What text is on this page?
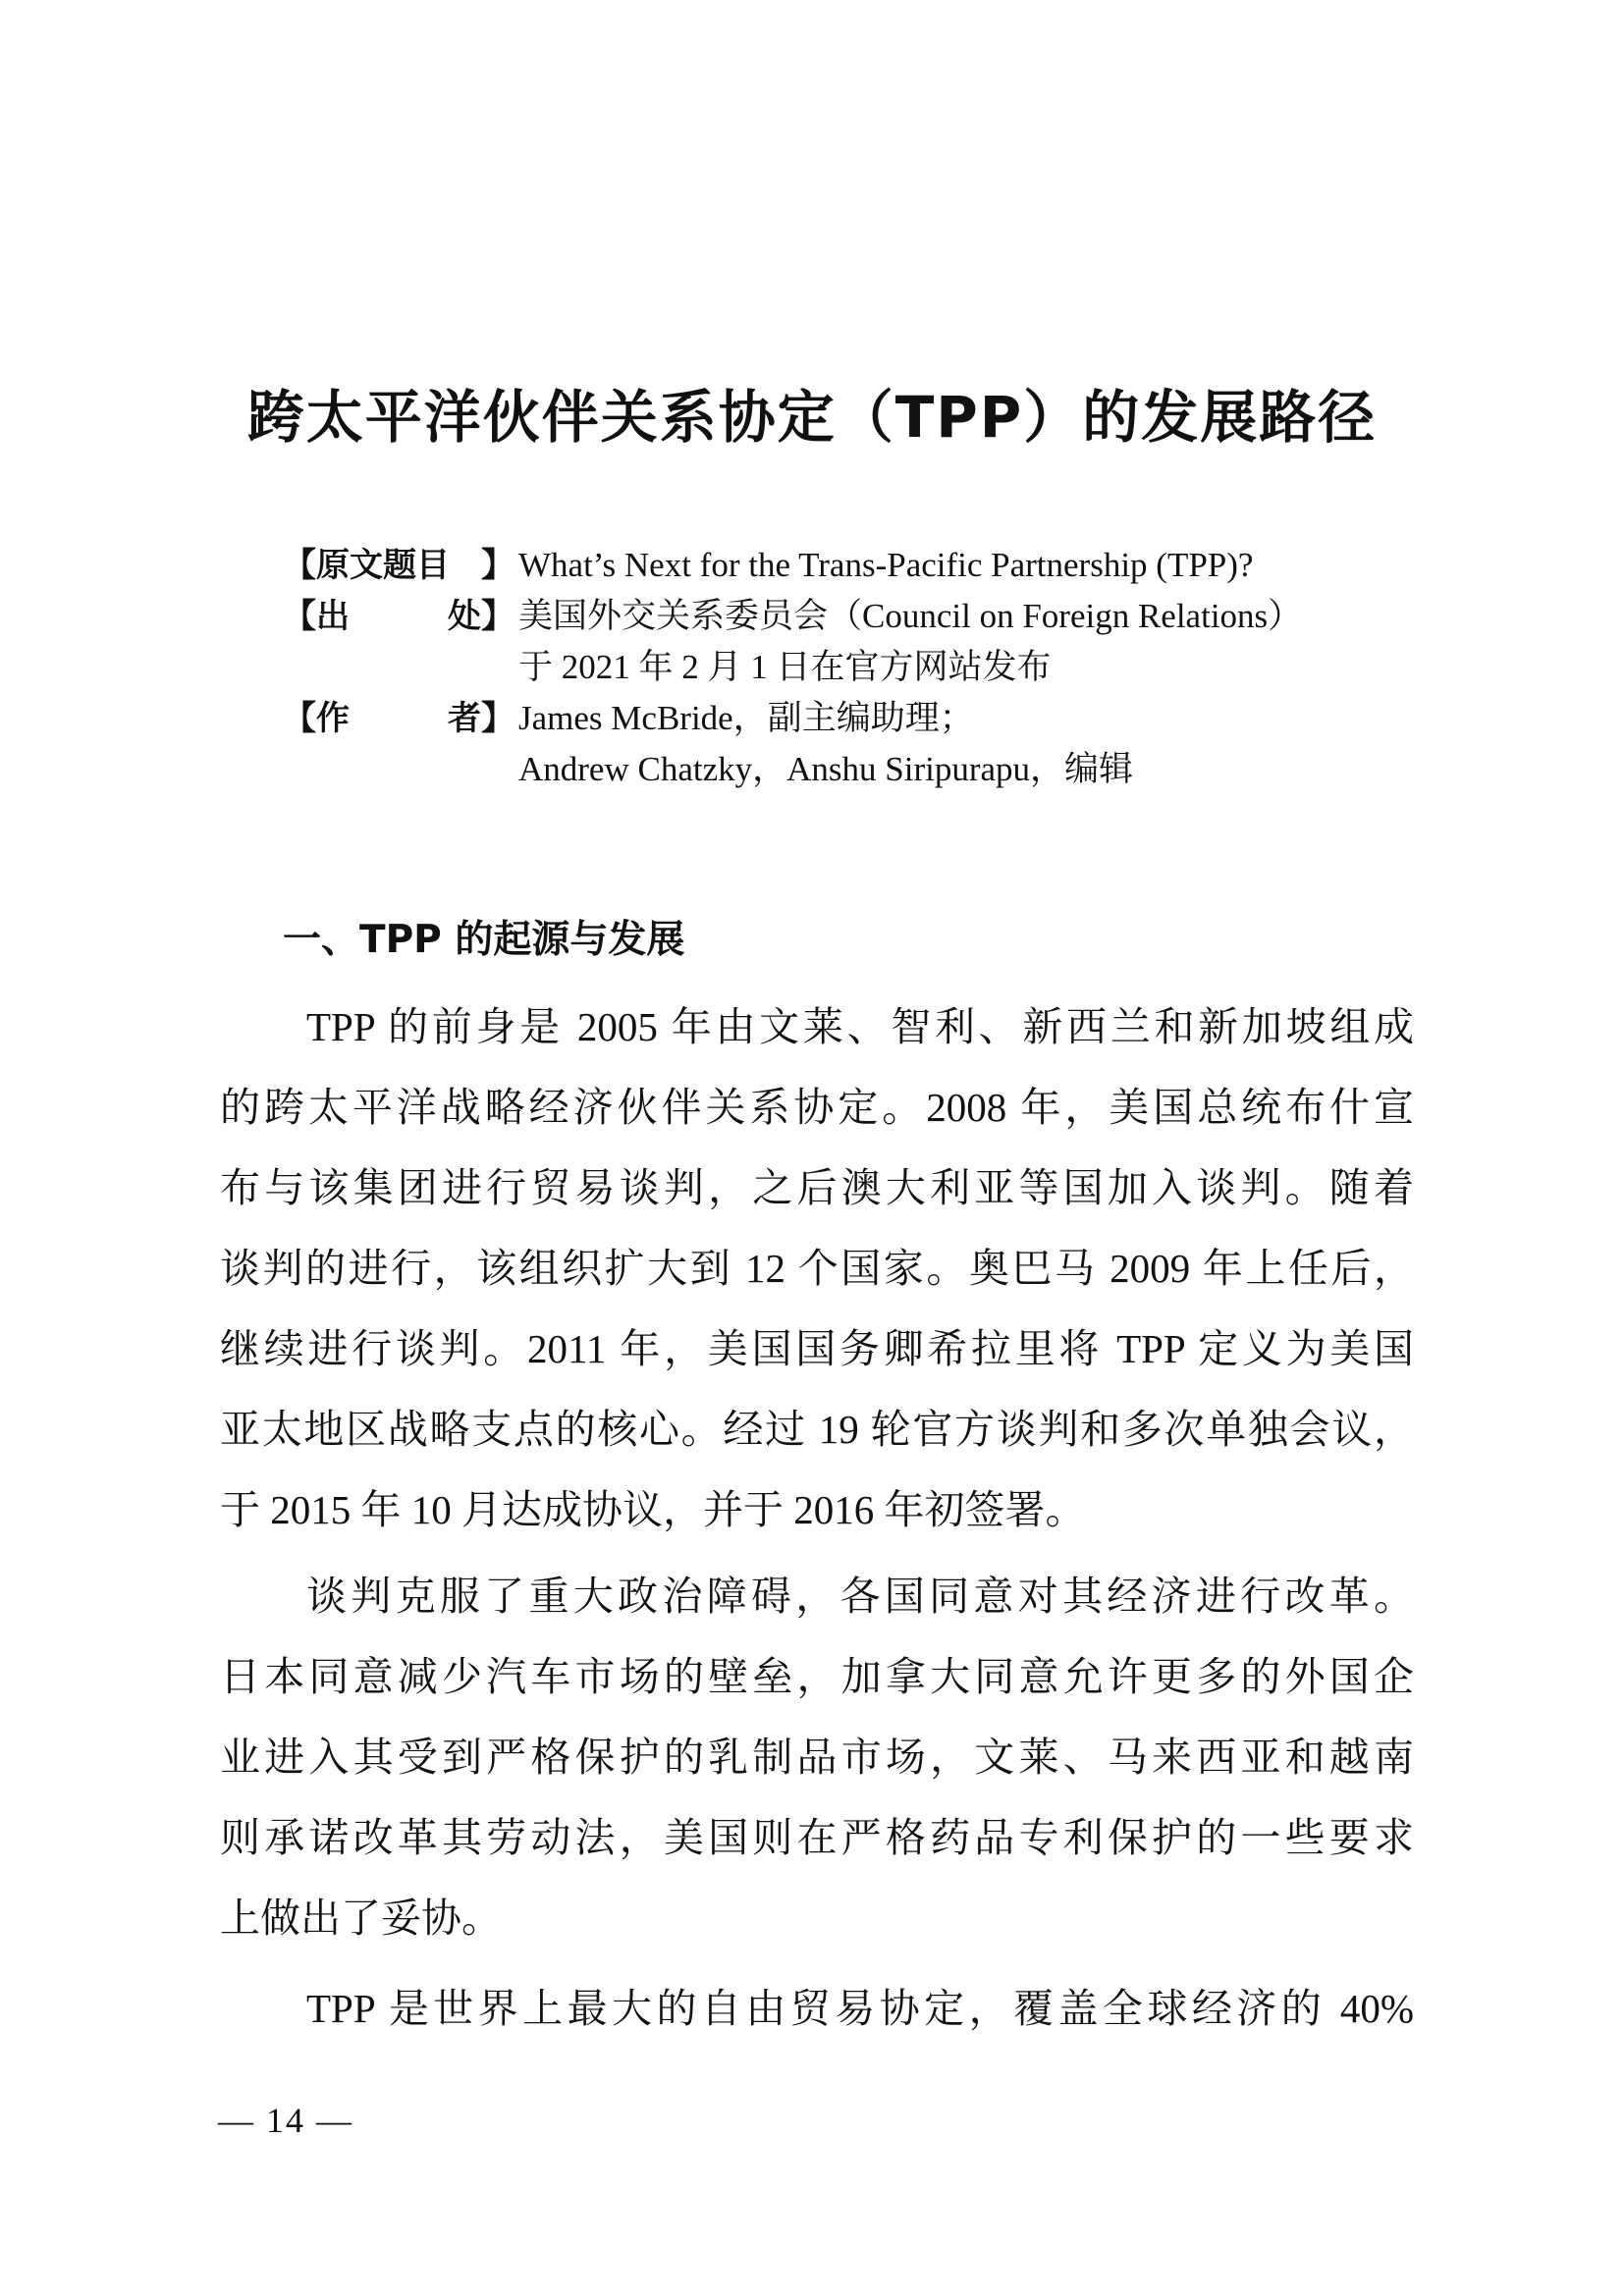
跨太平洋伙伴关系协定（TPP）的发展路径
【 原文题目 】 What’s Next for the Trans-Pacific Partnership (TPP)?
【 出	处 】 美国外交关系委员会（Council on Foreign Relations）
于 2021 年 2 月 1 日在官方网站发布
【 作	者 】 James McBride，副主编助理；
Andrew Chatzky，Anshu Siripurapu，编辑
一、TPP 的起源与发展
TPP 的前身是 2005 年由文莱、智利、新西兰和新加坡组成
的跨太平洋战略经济伙伴关系协定。2008 年，美国总统布什宣
布与该集团进行贸易谈判，之后澳大利亚等国加入谈判。随着
谈判的进行，该组织扩大到 12 个国家。奥巴马 2009 年上任后，
继续进行谈判。2011 年，美国国务卿希拉里将 TPP 定义为美国
亚太地区战略支点的核心。经过 19 轮官方谈判和多次单独会议，
于 2015 年 10 月达成协议，并于 2016 年初签署。
谈判克服了重大政治障碍，各国同意对其经济进行改革。
日本同意减少汽车市场的壁垒，加拿大同意允许更多的外国企
业进入其受到严格保护的乳制品市场，文莱、马来西亚和越南
则承诺改革其劳动法，美国则在严格药品专利保护的一些要求
上做出了妥协。
TPP 是世界上最大的自由贸易协定，覆盖全球经济的 40%
— 14 —
